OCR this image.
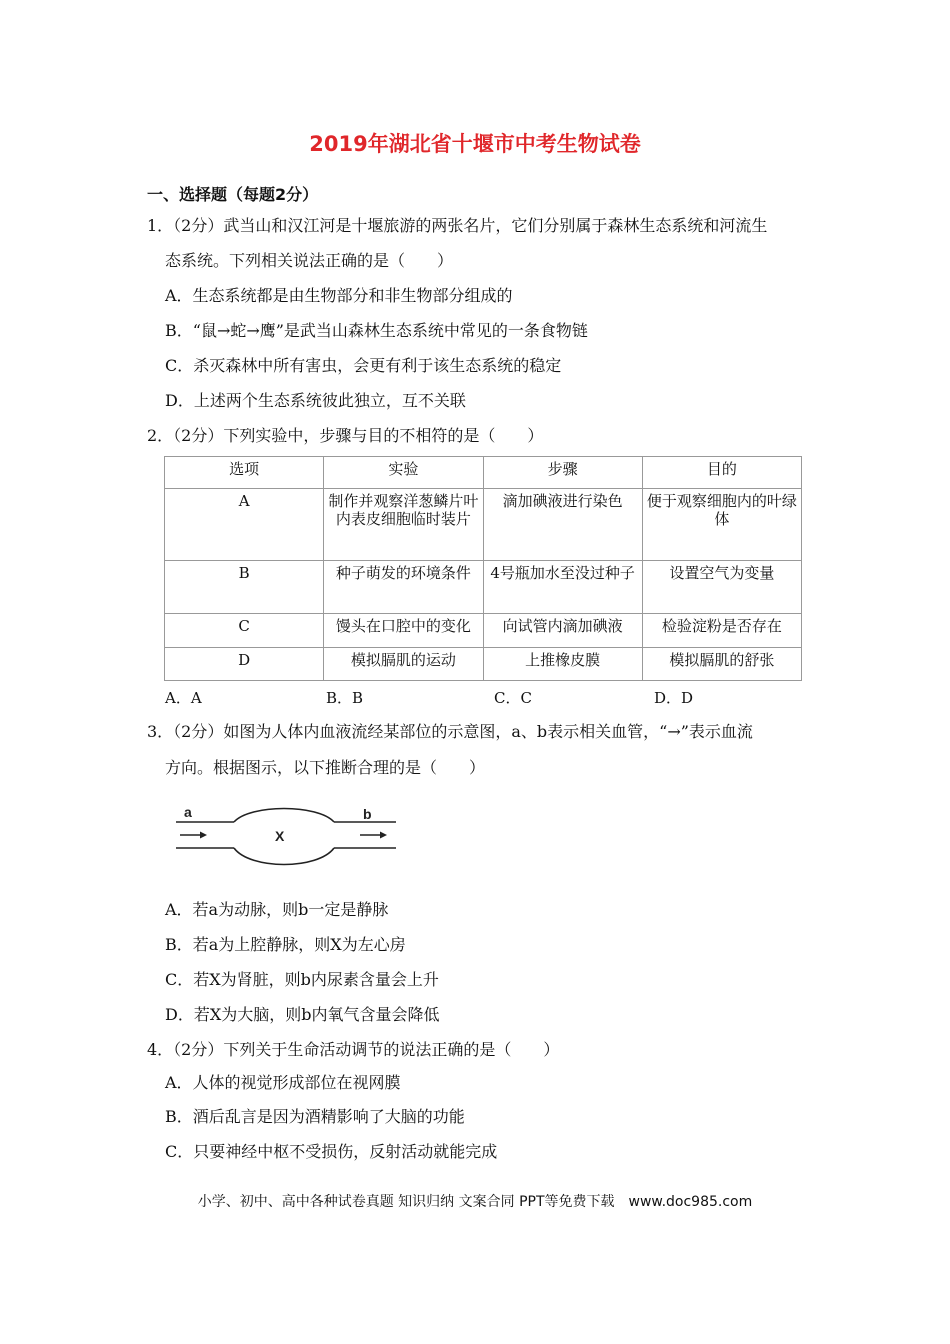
2019年湖北省十堰市中考生物试卷
一、选择题（每题2分）
1．（2分）武当山和汉江河是十堰旅游的两张名片，它们分别属于森林生态系统和河流生
态系统。下列相关说法正确的是（　　）
A．生态系统都是由生物部分和非生物部分组成的
B．“鼠→蛇→鹰”是武当山森林生态系统中常见的一条食物链
C．杀灭森林中所有害虫，会更有利于该生态系统的稳定
D．上述两个生态系统彼此独立，互不关联
2．（2分）下列实验中，步骤与目的不相符的是（　　）
选项	实验	步骤	目的
A	制作并观察洋葱鳞片叶内表皮细胞临时装片	滴加碘液进行染色	便于观察细胞内的叶绿体
B	种子萌发的环境条件	4号瓶加水至没过种子	设置空气为变量
C	馒头在口腔中的变化	向试管内滴加碘液	检验淀粉是否存在
D	模拟膈肌的运动	上推橡皮膜	模拟膈肌的舒张
A．A	B．B	C．C	D．D
3．（2分）如图为人体内血液流经某部位的示意图，a、b表示相关血管，“→”表示血流
方向。根据图示，以下推断合理的是（　　）
a	b
X
A．若a为动脉，则b一定是静脉
B．若a为上腔静脉，则X为左心房
C．若X为肾脏，则b内尿素含量会上升
D．若X为大脑，则b内氧气含量会降低
4．（2分）下列关于生命活动调节的说法正确的是（　　）
A．人体的视觉形成部位在视网膜
B．酒后乱言是因为酒精影响了大脑的功能
C．只要神经中枢不受损伤，反射活动就能完成
小学、初中、高中各种试卷真题 知识归纳 文案合同 PPT等免费下载　www.doc985.com
